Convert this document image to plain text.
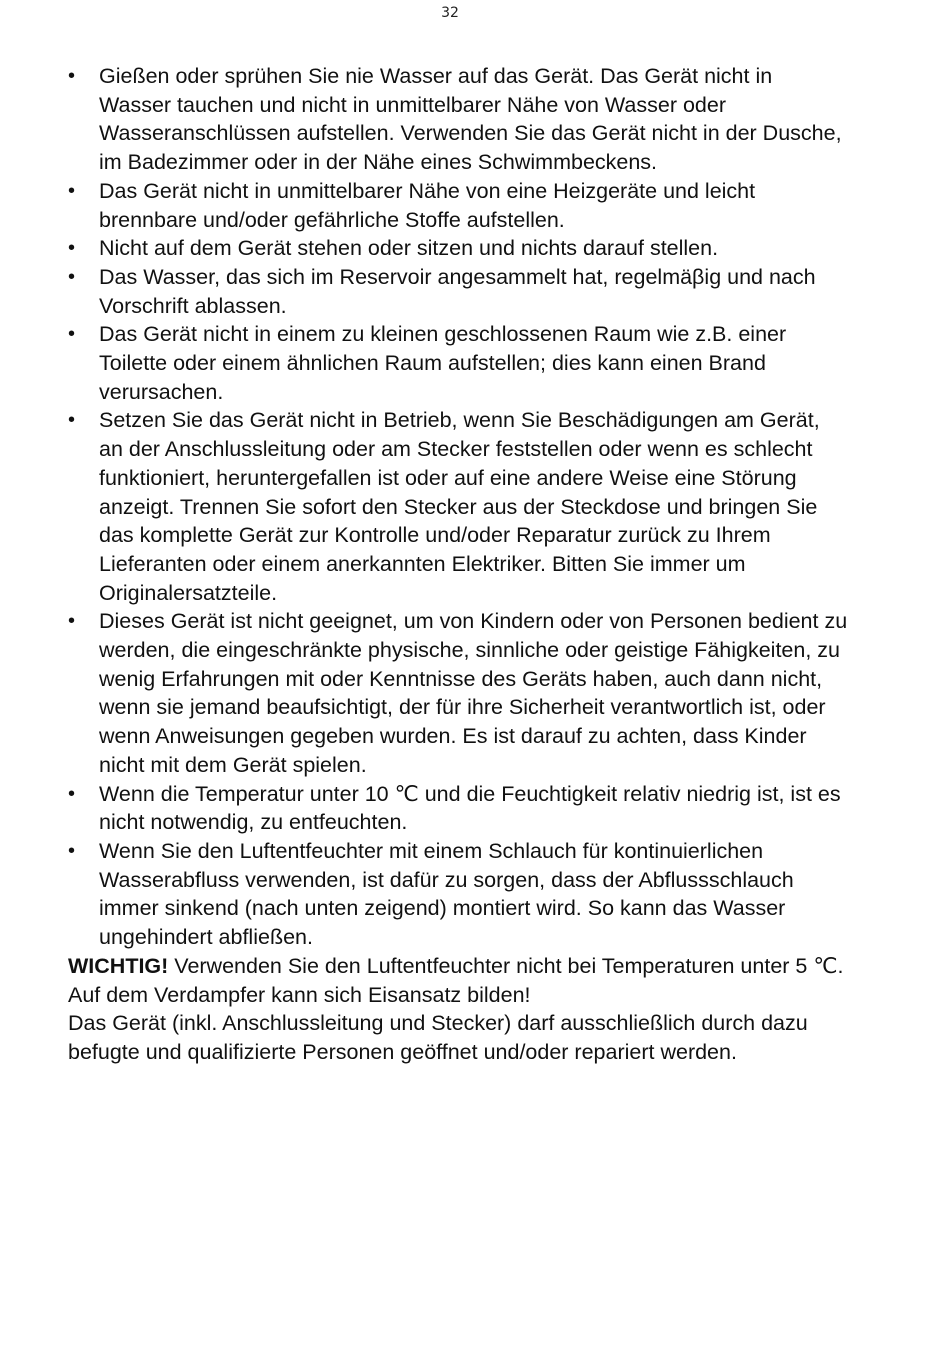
32
•	Gießen oder sprühen Sie nie Wasser auf das Gerät. Das Gerät nicht in Wasser tauchen und nicht in unmittelbarer Nähe von Wasser oder Wasseranschlüssen aufstellen. Verwenden Sie das Gerät nicht in der Dusche, im Badezimmer oder in der Nähe eines Schwimmbeckens.
•	Das Gerät nicht in unmittelbarer Nähe von eine Heizgeräte und leicht brennbare und/oder gefährliche Stoffe aufstellen.
•	Nicht auf dem Gerät stehen oder sitzen und nichts darauf stellen.
•	Das Wasser, das sich im Reservoir angesammelt hat, regelmäβig und nach Vorschrift ablassen.
•	Das Gerät nicht in einem zu kleinen geschlossenen Raum wie z.B. einer Toilette oder einem ähnlichen Raum aufstellen; dies kann einen Brand verursachen.
•	Setzen Sie das Gerät nicht in Betrieb, wenn Sie Beschädigungen am Gerät, an der Anschlussleitung oder am Stecker feststellen oder wenn es schlecht funktioniert, heruntergefallen ist oder auf eine andere Weise eine Störung anzeigt. Trennen Sie sofort den Stecker aus der Steckdose und bringen Sie das komplette Gerät zur Kontrolle und/oder Reparatur zurück zu Ihrem Lieferanten oder einem anerkannten Elektriker. Bitten Sie immer um Originalersatzteile.
•	Dieses Gerät ist nicht geeignet, um von Kindern oder von Personen bedient zu werden, die eingeschränkte physische, sinnliche oder geistige Fähigkeiten, zu wenig Erfahrungen mit oder Kenntnisse des Geräts haben, auch dann nicht, wenn sie jemand beaufsichtigt, der für ihre Sicherheit verantwortlich ist, oder wenn Anweisungen gegeben wurden. Es ist darauf zu achten, dass Kinder nicht mit dem Gerät spielen.
•	Wenn die Temperatur unter 10 ℃ und die Feuchtigkeit relativ niedrig ist, ist es nicht notwendig, zu entfeuchten.
•	Wenn Sie den Luftentfeuchter mit einem Schlauch für kontinuierlichen Wasserabfluss verwenden, ist dafür zu sorgen, dass der Abflussschlauch immer sinkend (nach unten zeigend) montiert wird. So kann das Wasser ungehindert abfließen.

WICHTIG! Verwenden Sie den Luftentfeuchter nicht bei Temperaturen unter 5 ℃. Auf dem Verdampfer kann sich Eisansatz bilden!

Das Gerät (inkl. Anschlussleitung und Stecker) darf ausschließlich durch dazu befugte und qualifizierte Personen geöffnet und/oder repariert werden.
